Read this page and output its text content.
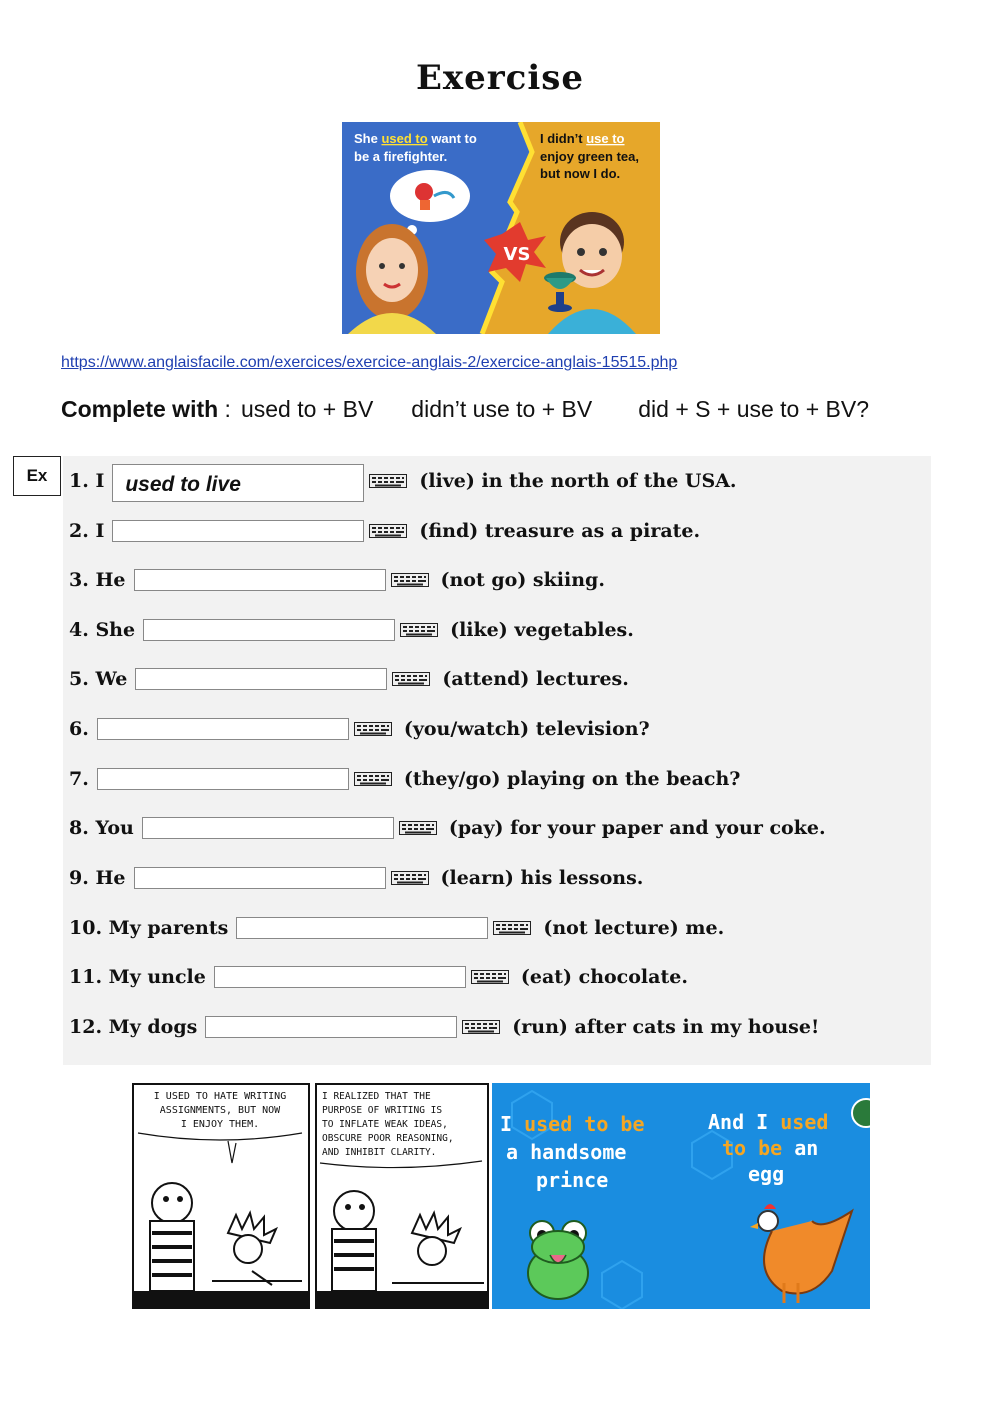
Exercise
She used to want to
be a firefighter.
I didn’t use to
enjoy green tea,
but now I do.
VS
https://www.anglaisfacile.com/exercices/exercice-anglais-2/exercice-anglais-15515.php
Complete with : used to + BV didn’t use to + BV did + S + use to + BV?
Ex	1. I	used to live	(live) in the north of the USA.
2. I	(find) treasure as a pirate.
3. He	(not go) skiing.
4. She	(like) vegetables.
5. We	(attend) lectures.
6.	(you/watch) television?
7.	(they/go) playing on the beach?
8. You	(pay) for your paper and your coke.
9. He	(learn) his lessons.
10. My parents	(not lecture) me.
11. My uncle	(eat) chocolate.
12. My dogs	(run) after cats in my house!
I USED TO HATE WRITING
ASSIGNMENTS, BUT NOW
I ENJOY THEM.
I REALIZED THAT THE
PURPOSE OF WRITING IS
TO INFLATE WEAK IDEAS,
OBSCURE POOR REASONING,
AND INHIBIT CLARITY.
I used to be
a handsome
prince
And I used
to be an
egg
